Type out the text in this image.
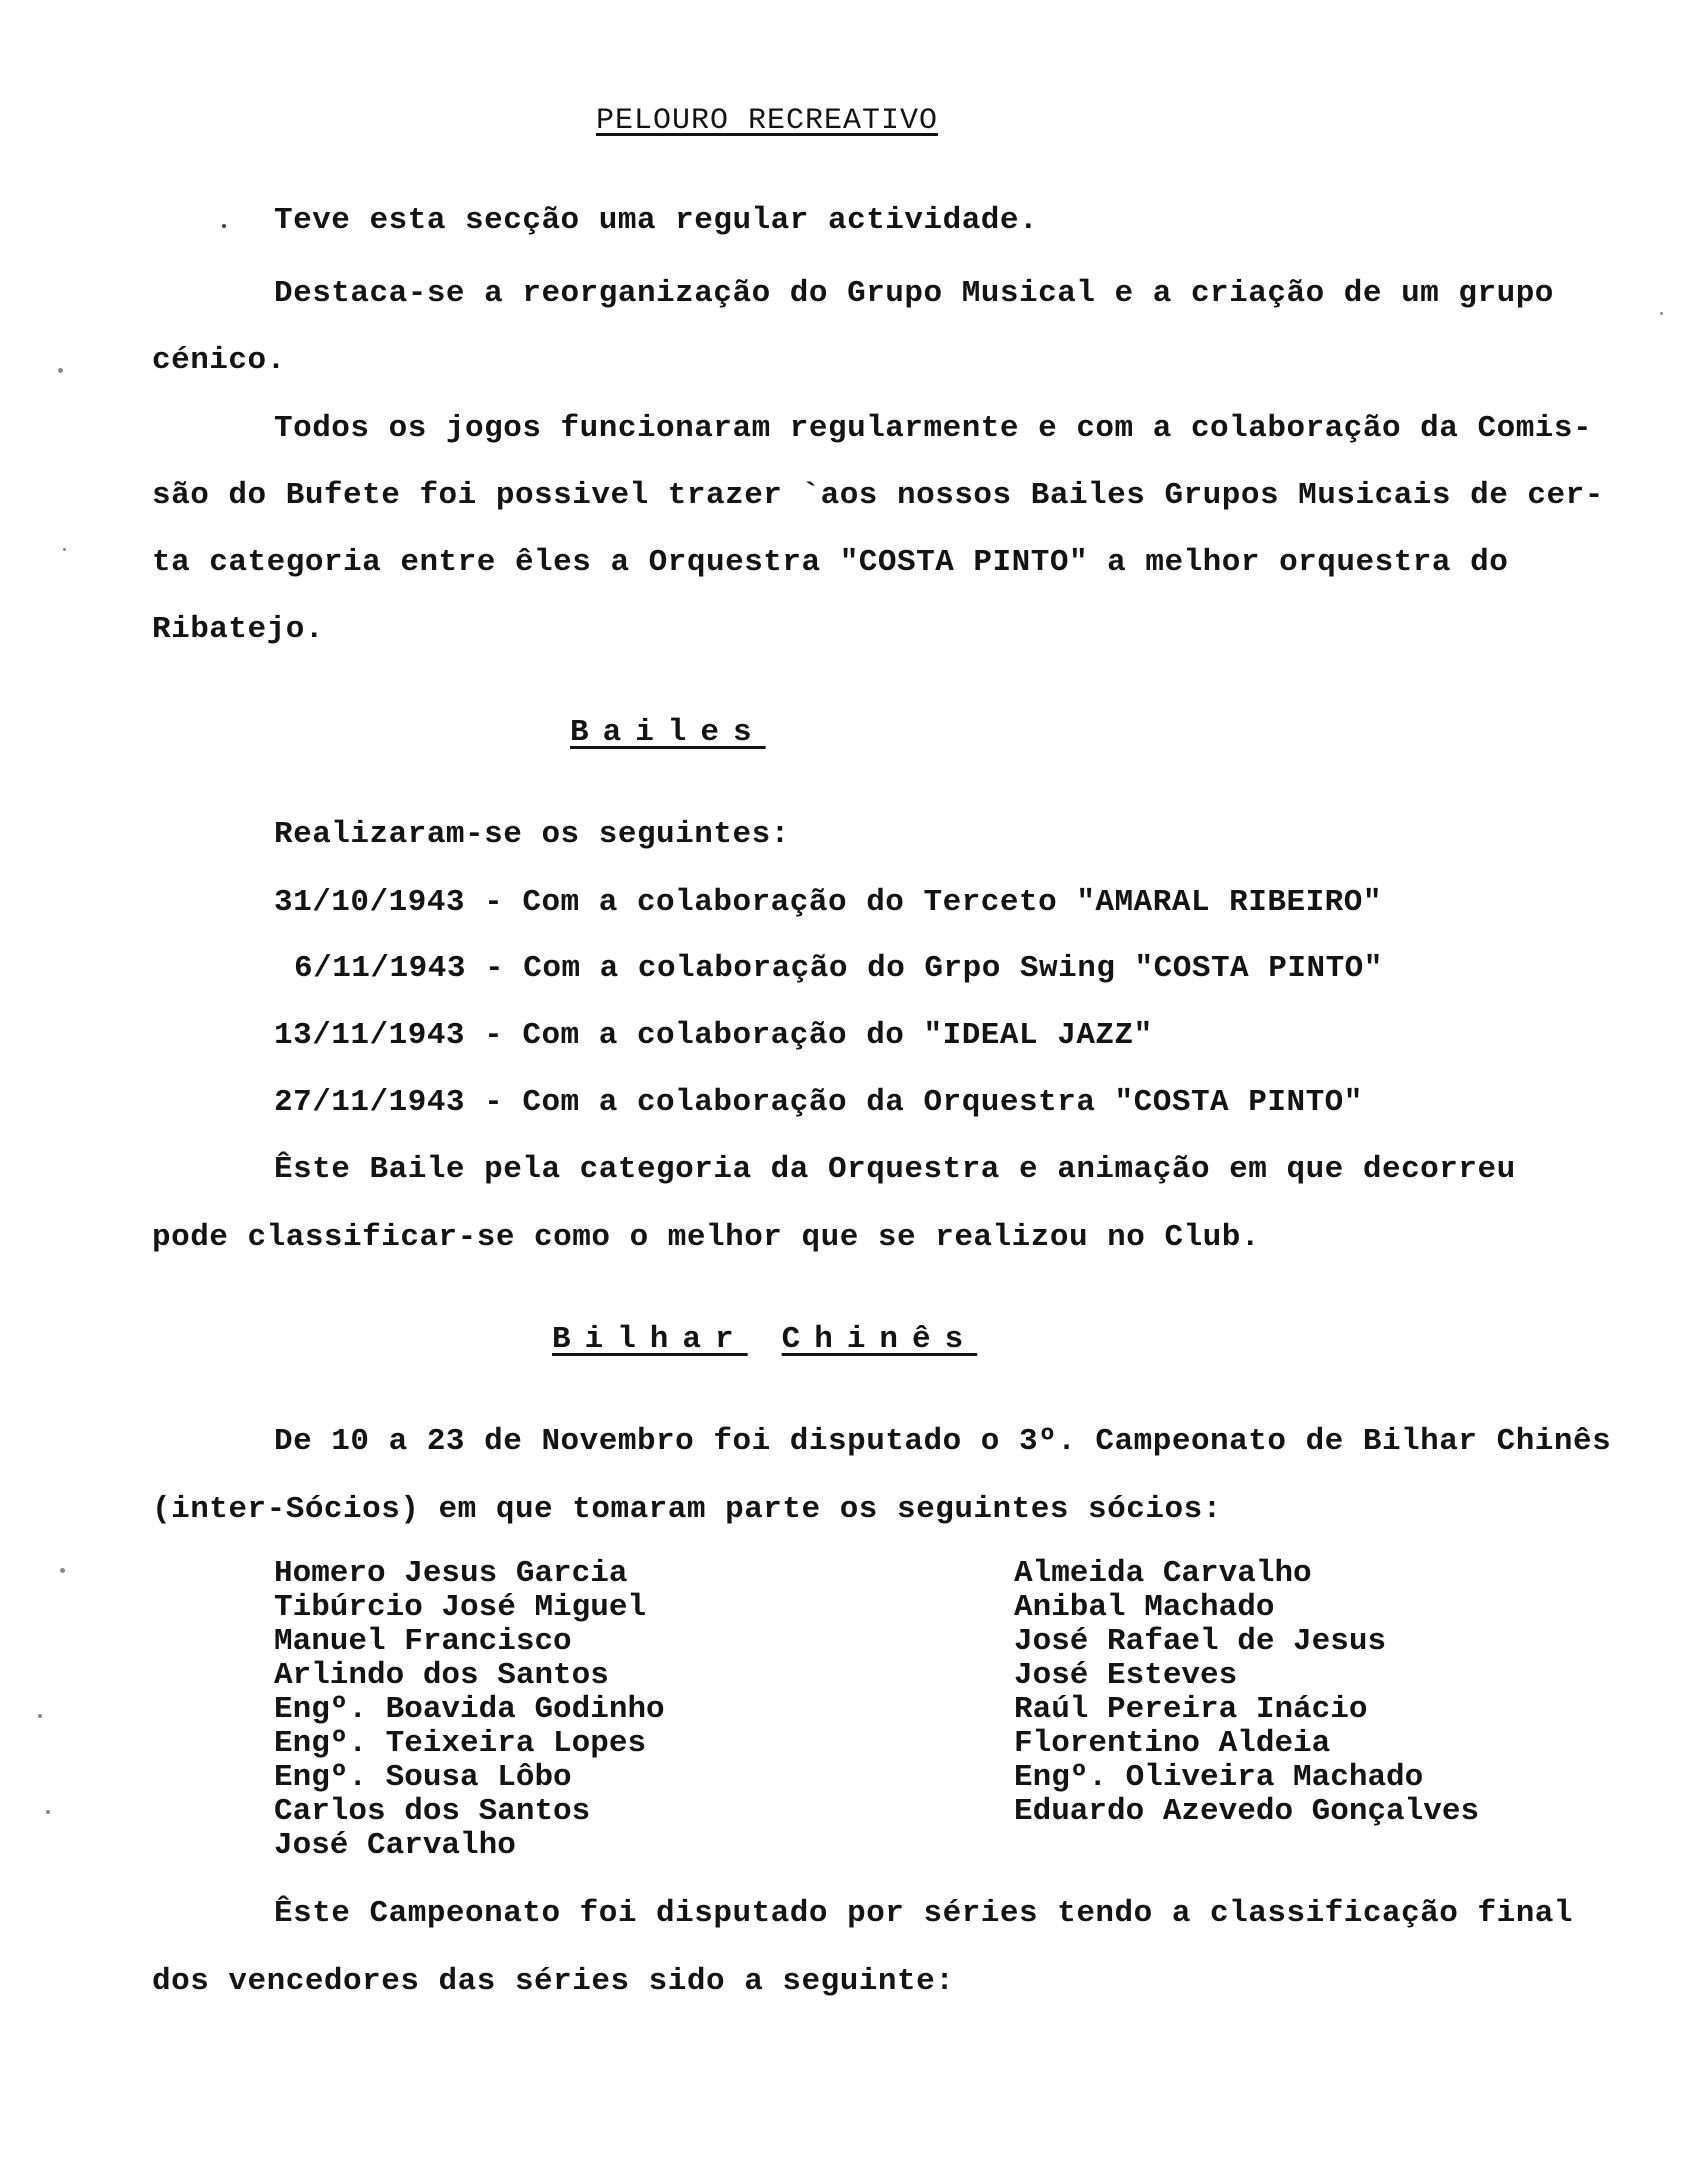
PELOURO RECREATIVO
Teve esta secção uma regular actividade.
Destaca-se a reorganização do Grupo Musical e a criação de um grupo
cénico.
Todos os jogos funcionaram regularmente e com a colaboração da Comis-
são do Bufete foi possivel trazer `aos nossos Bailes Grupos Musicais de cer-
ta categoria entre êles a Orquestra "COSTA PINTO" a melhor orquestra do
Ribatejo.
Bailes
Realizaram-se os seguintes:
31/10/1943 - Com a colaboração do Terceto "AMARAL RIBEIRO"
6/11/1943 - Com a colaboração do Grpo Swing "COSTA PINTO"
13/11/1943 - Com a colaboração do "IDEAL JAZZ"
27/11/1943 - Com a colaboração da Orquestra "COSTA PINTO"
Êste Baile pela categoria da Orquestra e animação em que decorreu
pode classificar-se como o melhor que se realizou no Club.
Bilhar Chinês
De 10 a 23 de Novembro foi disputado o 3º. Campeonato de Bilhar Chinês
(inter-Sócios) em que tomaram parte os seguintes sócios:
Homero Jesus Garcia
Tibúrcio José Miguel
Manuel Francisco
Arlindo dos Santos
Engº. Boavida Godinho
Engº. Teixeira Lopes
Engº. Sousa Lôbo
Carlos dos Santos
José Carvalho
Almeida Carvalho
Anibal Machado
José Rafael de Jesus
José Esteves
Raúl Pereira Inácio
Florentino Aldeia
Engº. Oliveira Machado
Eduardo Azevedo Gonçalves
Êste Campeonato foi disputado por séries tendo a classificação final
dos vencedores das séries sido a seguinte:
